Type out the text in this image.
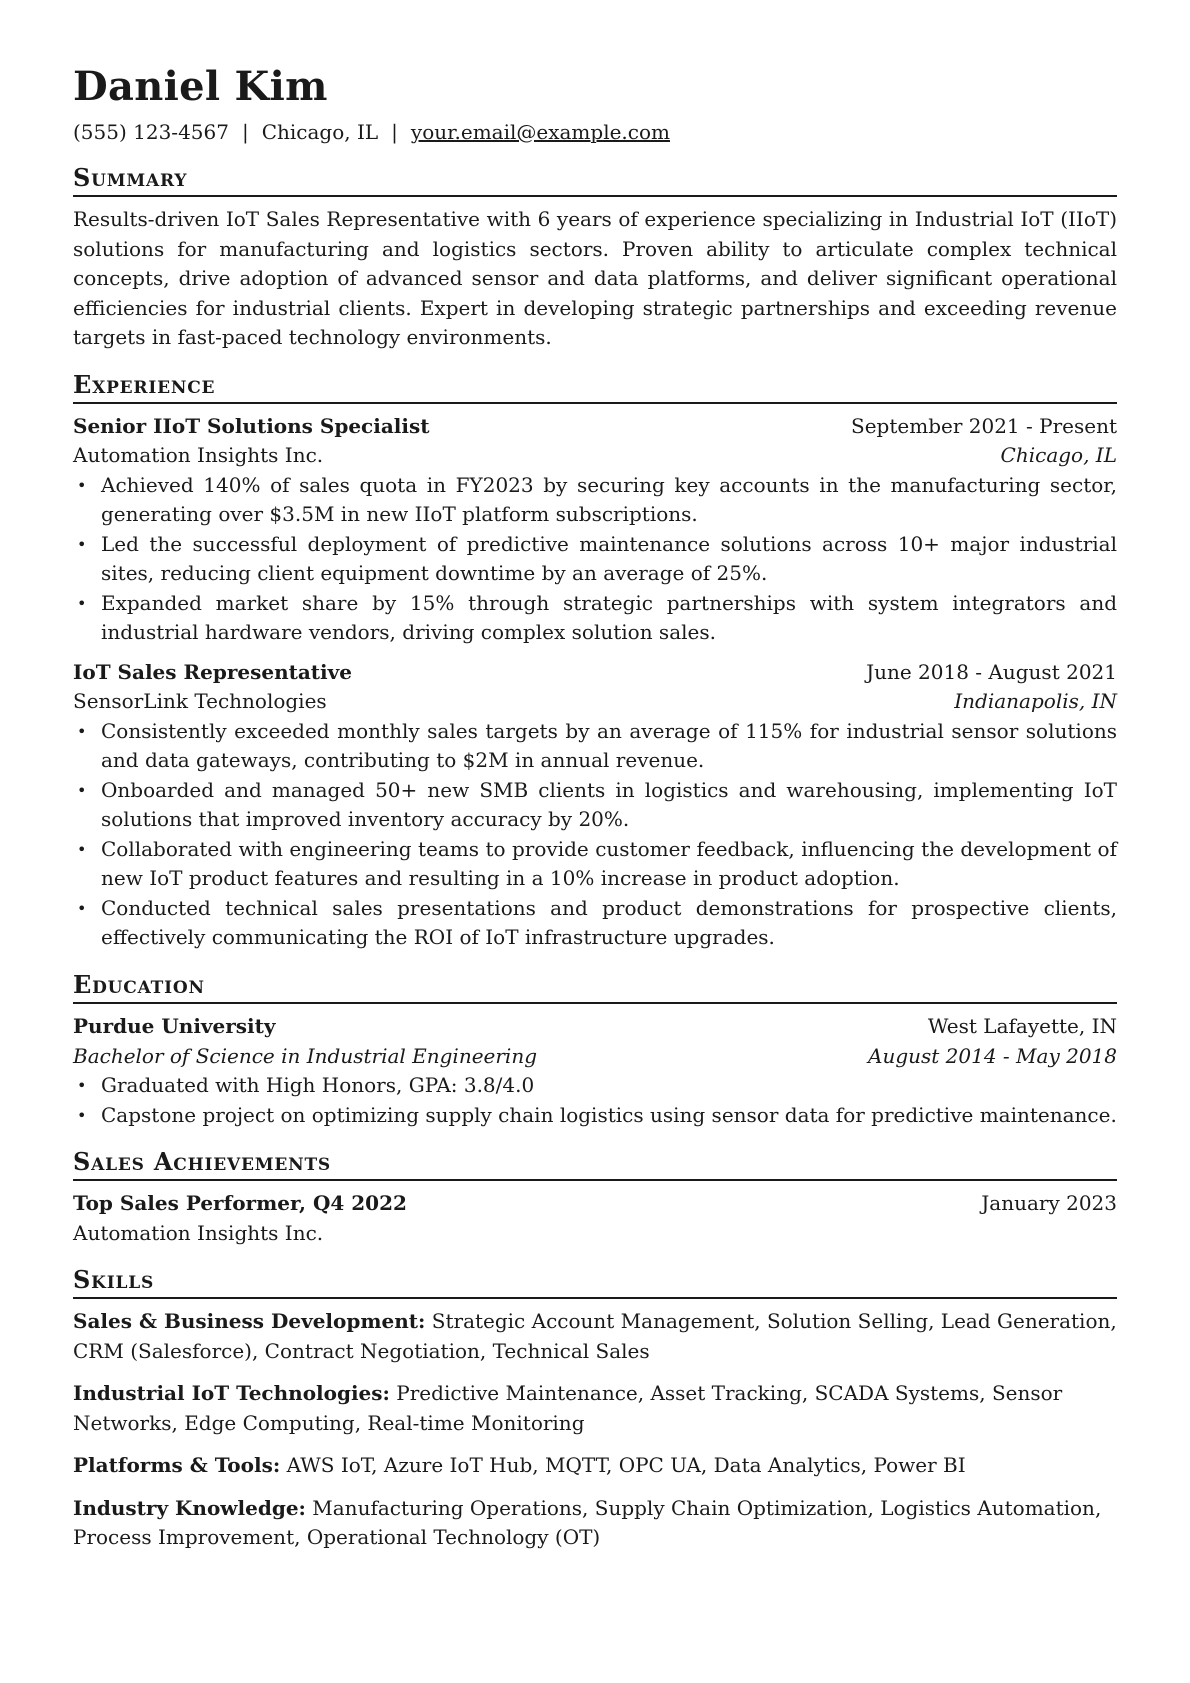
Daniel Kim
(555) 123-4567 | Chicago, IL | your.email@example.com
Summary
Results-driven IoT Sales Representative with 6 years of experience specializing in Industrial IoT (IIoT) solutions for manufacturing and logistics sectors. Proven ability to articulate complex technical concepts, drive adoption of advanced sensor and data platforms, and deliver significant operational efficiencies for industrial clients. Expert in developing strategic partnerships and exceeding revenue targets in fast-paced technology environments.
Experience
Senior IIoT Solutions Specialist	September 2021 - Present
Automation Insights Inc.	Chicago, IL
• Achieved 140% of sales quota in FY2023 by securing key accounts in the manufacturing sector, generating over $3.5M in new IIoT platform subscriptions.
• Led the successful deployment of predictive maintenance solutions across 10+ major industrial sites, reducing client equipment downtime by an average of 25%.
• Expanded market share by 15% through strategic partnerships with system integrators and industrial hardware vendors, driving complex solution sales.
IoT Sales Representative	June 2018 - August 2021
SensorLink Technologies	Indianapolis, IN
• Consistently exceeded monthly sales targets by an average of 115% for industrial sensor solutions and data gateways, contributing to $2M in annual revenue.
• Onboarded and managed 50+ new SMB clients in logistics and warehousing, implementing IoT solutions that improved inventory accuracy by 20%.
• Collaborated with engineering teams to provide customer feedback, influencing the development of new IoT product features and resulting in a 10% increase in product adoption.
• Conducted technical sales presentations and product demonstrations for prospective clients, effectively communicating the ROI of IoT infrastructure upgrades.
Education
Purdue University	West Lafayette, IN
Bachelor of Science in Industrial Engineering	August 2014 - May 2018
• Graduated with High Honors, GPA: 3.8/4.0
• Capstone project on optimizing supply chain logistics using sensor data for predictive maintenance.
Sales Achievements
Top Sales Performer, Q4 2022	January 2023
Automation Insights Inc.
Skills
Sales & Business Development: Strategic Account Management, Solution Selling, Lead Generation, CRM (Salesforce), Contract Negotiation, Technical Sales
Industrial IoT Technologies: Predictive Maintenance, Asset Tracking, SCADA Systems, Sensor Networks, Edge Computing, Real-time Monitoring
Platforms & Tools: AWS IoT, Azure IoT Hub, MQTT, OPC UA, Data Analytics, Power BI
Industry Knowledge: Manufacturing Operations, Supply Chain Optimization, Logistics Automation, Process Improvement, Operational Technology (OT)
